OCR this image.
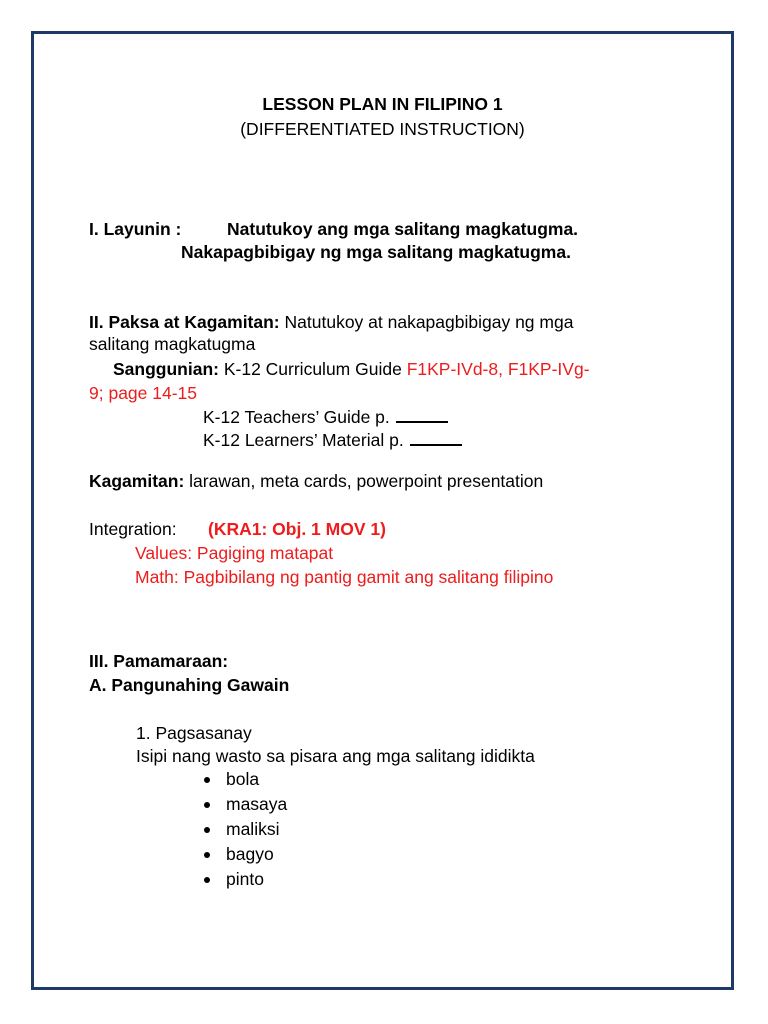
LESSON PLAN IN FILIPINO 1
(DIFFERENTIATED INSTRUCTION)
I. Layunin :	Natutukoy ang mga salitang magkatugma.
Nakapagbibigay ng mga salitang magkatugma.
II. Paksa at Kagamitan: Natutukoy at nakapagbibigay ng mga
salitang magkatugma
Sanggunian: K-12 Curriculum Guide F1KP-IVd-8, F1KP-IVg-
9; page 14-15
K-12 Teachers’ Guide p.
K-12 Learners’ Material p.
Kagamitan: larawan, meta cards, powerpoint presentation
Integration: (KRA1: Obj. 1 MOV 1)
Values: Pagiging matapat
Math: Pagbibilang ng pantig gamit ang salitang filipino
III. Pamamaraan:
A. Pangunahing Gawain
1. Pagsasanay
Isipi nang wasto sa pisara ang mga salitang ididikta
bola
masaya
maliksi
bagyo
pinto
